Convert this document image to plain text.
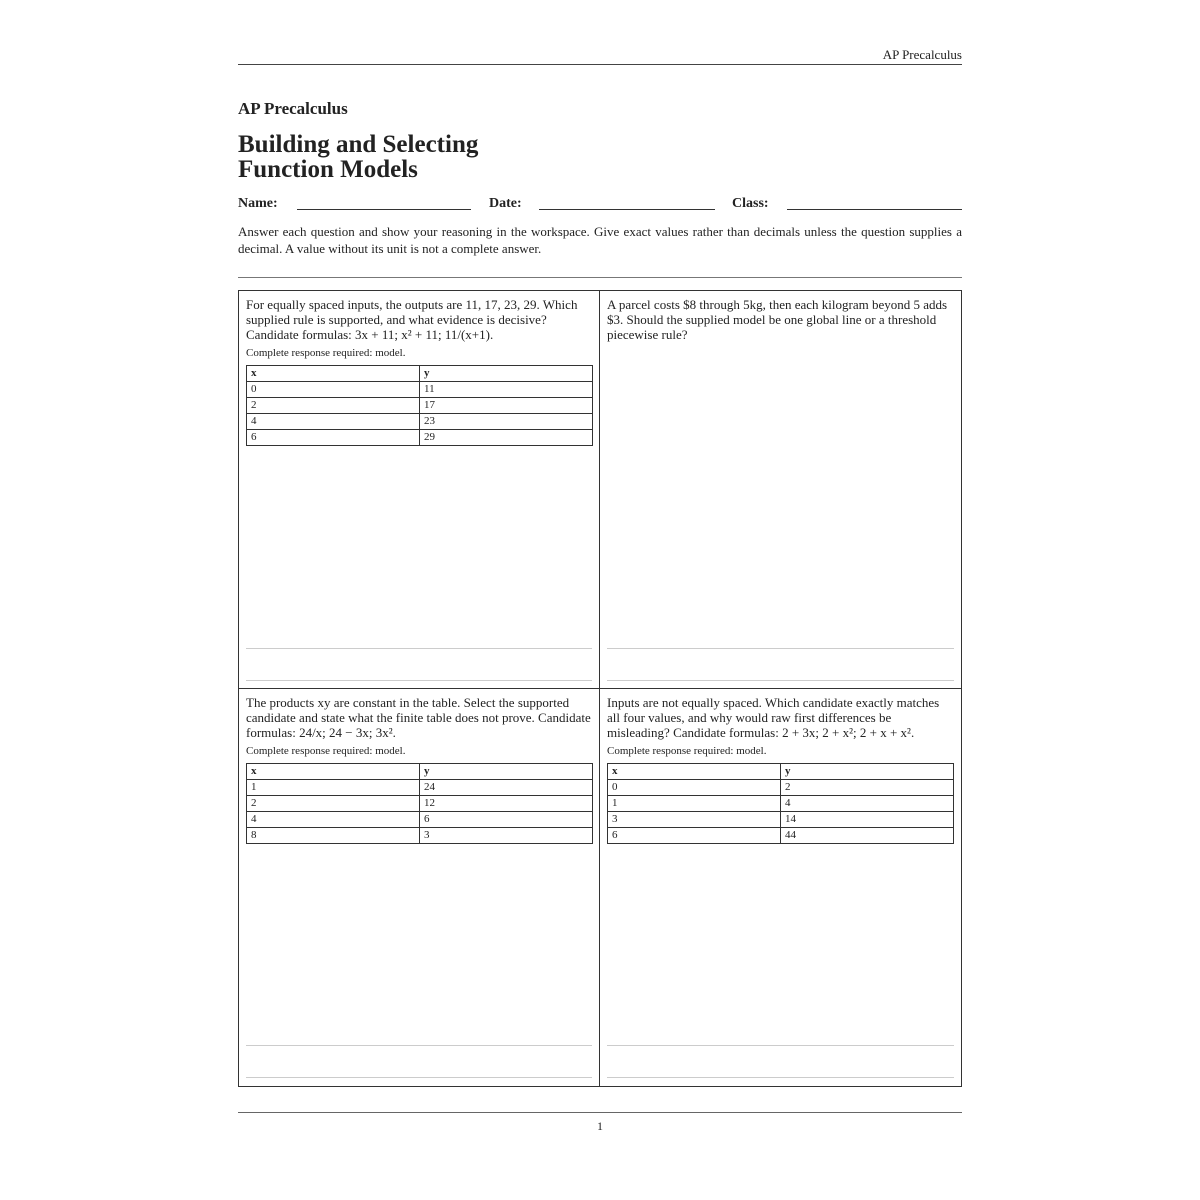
AP Precalculus
AP Precalculus
Building and Selecting Function Models
Name:	Date:	Class:
Answer each question and show your reasoning in the workspace. Give exact values rather than decimals unless the question supplies a decimal. A value without its unit is not a complete answer.

For equally spaced inputs, the outputs are 11, 17, 23, 29. Which supplied rule is supported, and what evidence is decisive? Candidate formulas: 3x + 11; x² + 11; 11/(x+1).

Complete response required: model.
x	y
0	11
2	17
4	23
6	29

A parcel costs $8 through 5kg, then each kilogram beyond 5 adds $3. Should the supplied model be one global line or a threshold piecewise rule?

The products xy are constant in the table. Select the supported candidate and state what the finite table does not prove. Candidate formulas: 24/x; 24 − 3x; 3x².

Complete response required: model.
x	y
1	24
2	12
4	6
8	3

Inputs are not equally spaced. Which candidate exactly matches all four values, and why would raw first differences be misleading? Candidate formulas: 2 + 3x; 2 + x²; 2 + x + x².

Complete response required: model.
x	y
0	2
1	4
3	14
6	44
1
